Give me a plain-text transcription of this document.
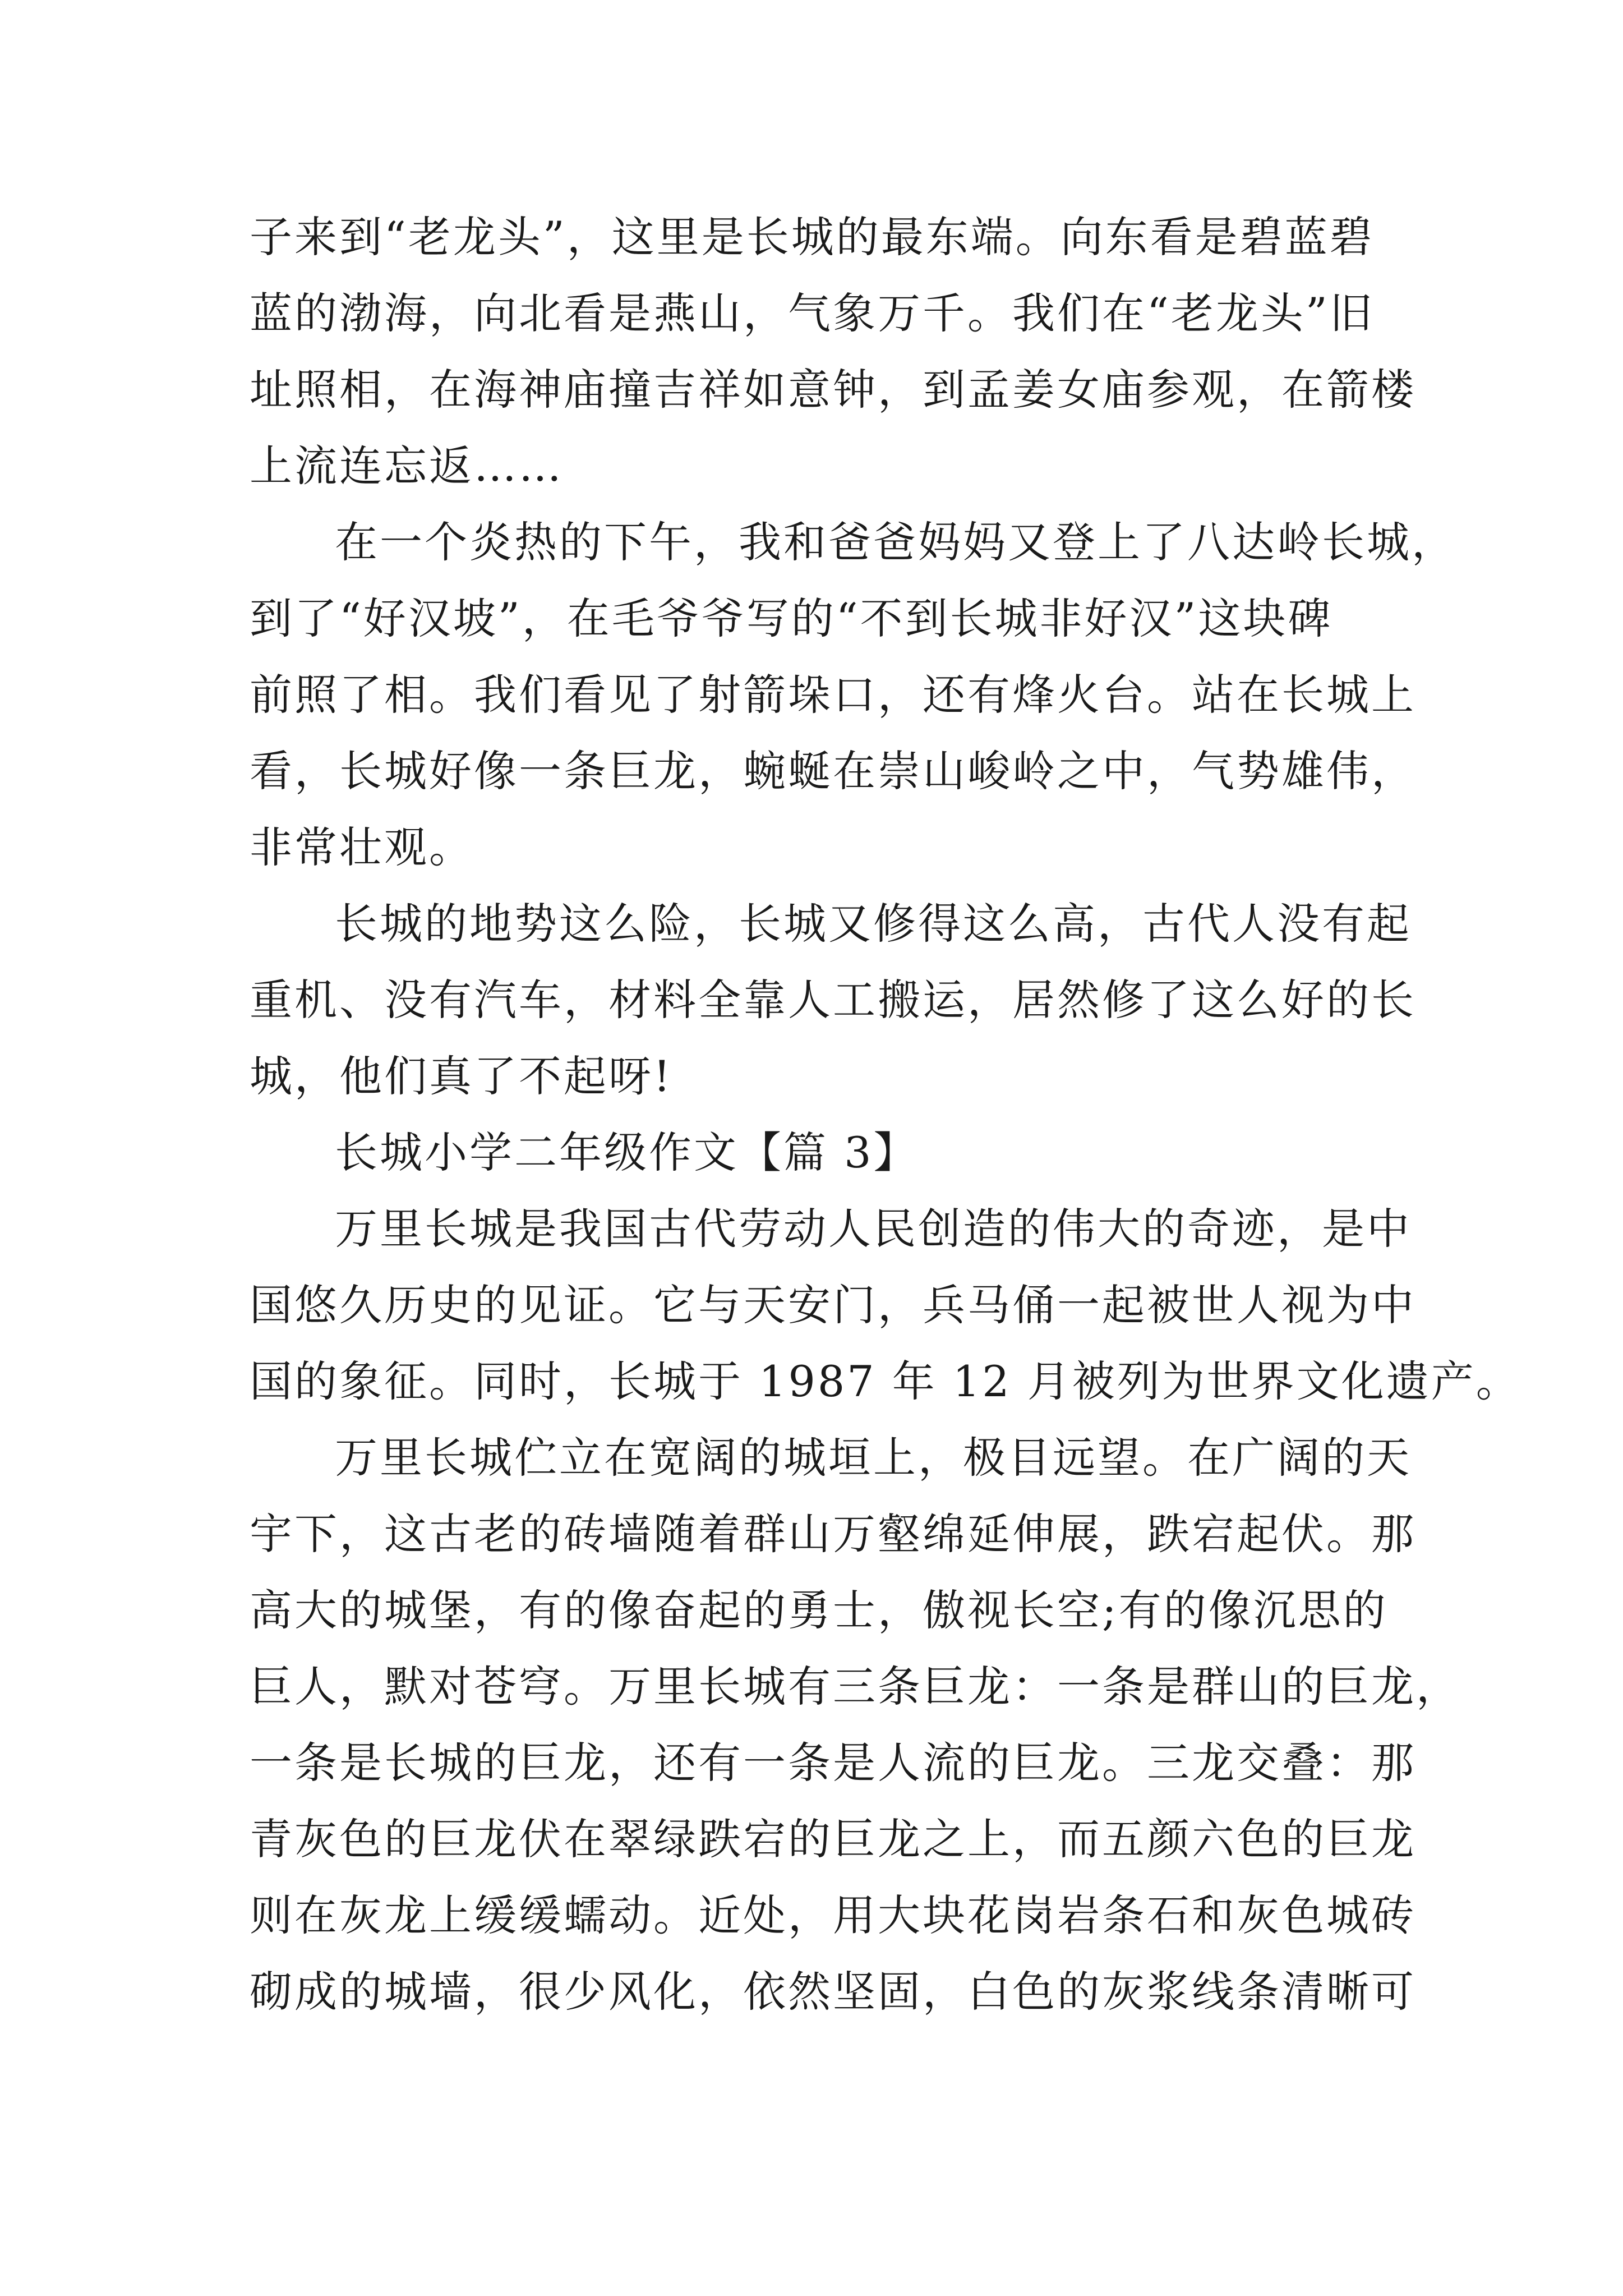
子来到“老龙头”，这里是长城的最东端。向东看是碧蓝碧
蓝的渤海，向北看是燕山，气象万千。我们在“老龙头”旧
址照相，在海神庙撞吉祥如意钟，到孟姜女庙参观，在箭楼
上流连忘返……
在一个炎热的下午，我和爸爸妈妈又登上了八达岭长城，
到了“好汉坡”，在毛爷爷写的“不到长城非好汉”这块碑
前照了相。我们看见了射箭垛口，还有烽火台。站在长城上
看，长城好像一条巨龙，蜿蜒在崇山峻岭之中，气势雄伟，
非常壮观。
长城的地势这么险，长城又修得这么高，古代人没有起
重机、没有汽车，材料全靠人工搬运，居然修了这么好的长
城，他们真了不起呀!
长城小学二年级作文【篇 3】
万里长城是我国古代劳动人民创造的伟大的奇迹，是中
国悠久历史的见证。它与天安门，兵马俑一起被世人视为中
国的象征。同时，长城于 1987 年 12 月被列为世界文化遗产。
万里长城伫立在宽阔的城垣上，极目远望。在广阔的天
宇下，这古老的砖墙随着群山万壑绵延伸展，跌宕起伏。那
高大的城堡，有的像奋起的勇士，傲视长空;有的像沉思的
巨人，默对苍穹。万里长城有三条巨龙：一条是群山的巨龙，
一条是长城的巨龙，还有一条是人流的巨龙。三龙交叠：那
青灰色的巨龙伏在翠绿跌宕的巨龙之上，而五颜六色的巨龙
则在灰龙上缓缓蠕动。近处，用大块花岗岩条石和灰色城砖
砌成的城墙，很少风化，依然坚固，白色的灰浆线条清晰可
